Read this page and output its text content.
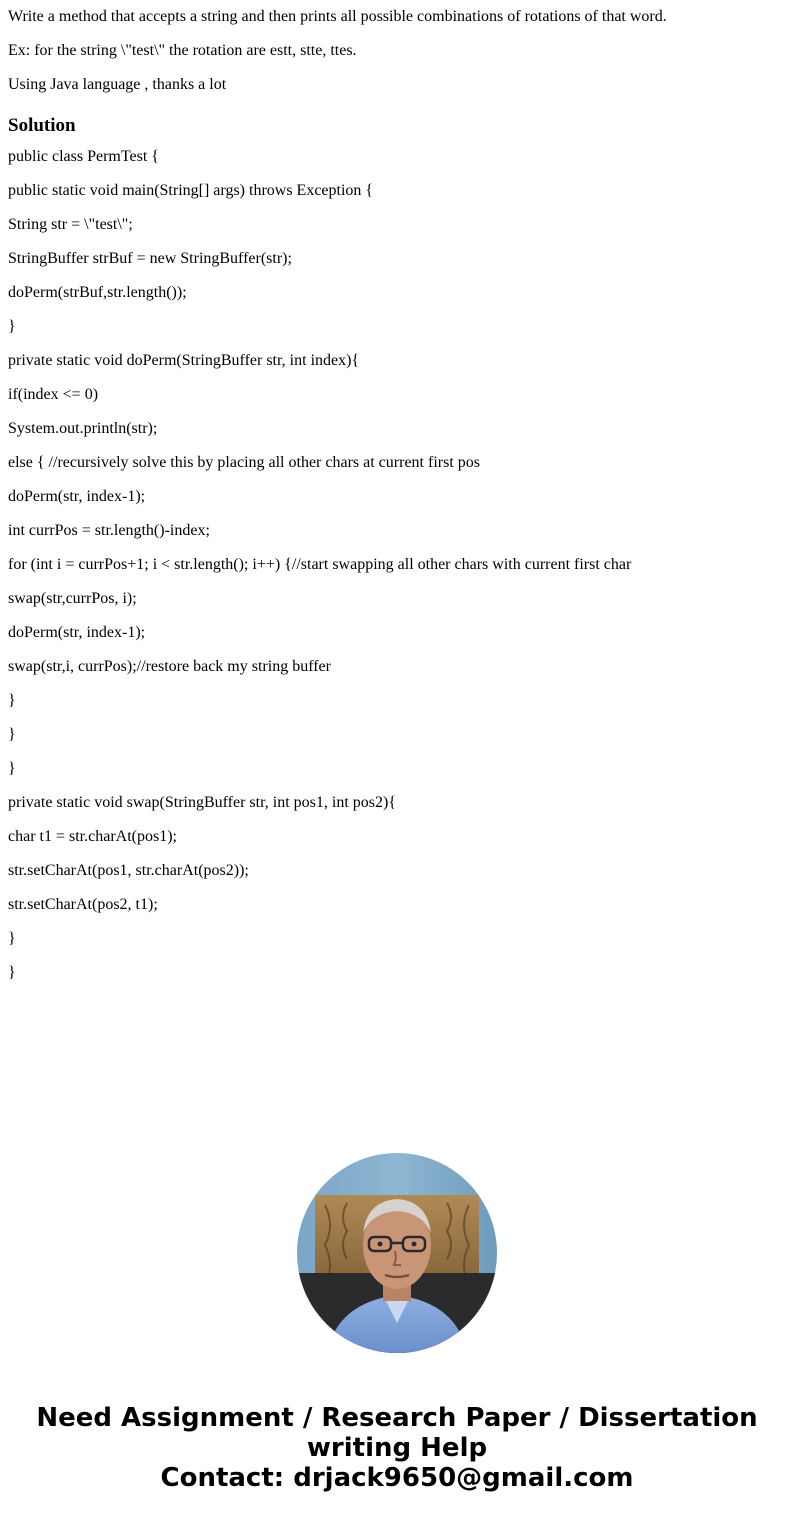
Write a method that accepts a string and then prints all possible combinations of rotations of that word.

Ex: for the string \"test\" the rotation are estt, stte, ttes.

Using Java language , thanks a lot

Solution

public class PermTest {

public static void main(String[] args) throws Exception {

String str = \"test\";

StringBuffer strBuf = new StringBuffer(str);

doPerm(strBuf,str.length());

}

private static void doPerm(StringBuffer str, int index){

if(index <= 0)

System.out.println(str);

else { //recursively solve this by placing all other chars at current first pos

doPerm(str, index-1);

int currPos = str.length()-index;

for (int i = currPos+1; i < str.length(); i++) {//start swapping all other chars with current first char

swap(str,currPos, i);

doPerm(str, index-1);

swap(str,i, currPos);//restore back my string buffer

}

}

}

private static void swap(StringBuffer str, int pos1, int pos2){

char t1 = str.charAt(pos1);

str.setCharAt(pos1, str.charAt(pos2));

str.setCharAt(pos2, t1);

}

}

Need Assignment / Research Paper / Dissertation
writing Help
Contact: drjack9650@gmail.com
